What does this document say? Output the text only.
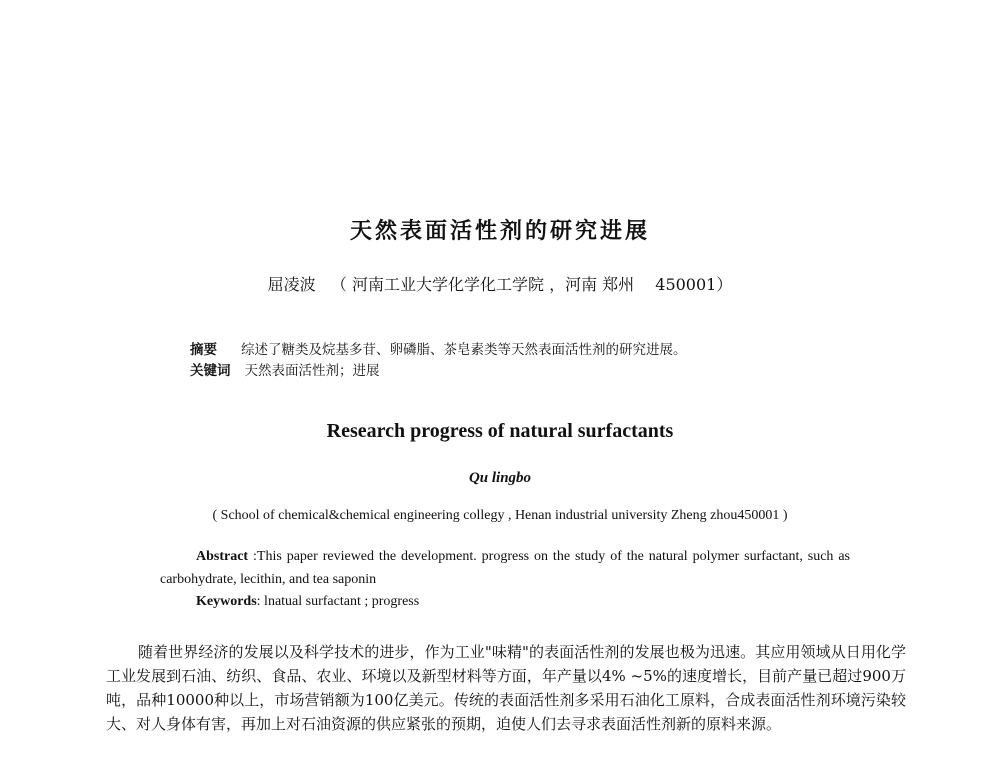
天然表面活性剂的研究进展
屈凌波 （ 河南工业大学化学化工学院 ，河南 郑州　 450001）
摘要 综述了糖类及烷基多苷、卵磷脂、茶皂素类等天然表面活性剂的研究进展。
关键词 天然表面活性剂；进展
Research progress of natural surfactants
Qu lingbo
( School of chemical&chemical engineering collegy , Henan industrial university Zheng zhou450001 )
Abstract :This paper reviewed the development. progress on the study of the natural polymer surfactant, such as carbohydrate, lecithin, and tea saponin
Keywords: lnatual surfactant ; progress
随着世界经济的发展以及科学技术的进步，作为工业"味精"的表面活性剂的发展也极为迅速。其应用领域从日用化学工业发展到石油、纺织、食品、农业、环境以及新型材料等方面，年产量以4% ~5%的速度增长，目前产量已超过900万吨，品种10000种以上，市场营销额为100亿美元。传统的表面活性剂多采用石油化工原料，合成表面活性剂环境污染较大、对人身体有害，再加上对石油资源的供应紧张的预期，迫使人们去寻求表面活性剂新的原料来源。
